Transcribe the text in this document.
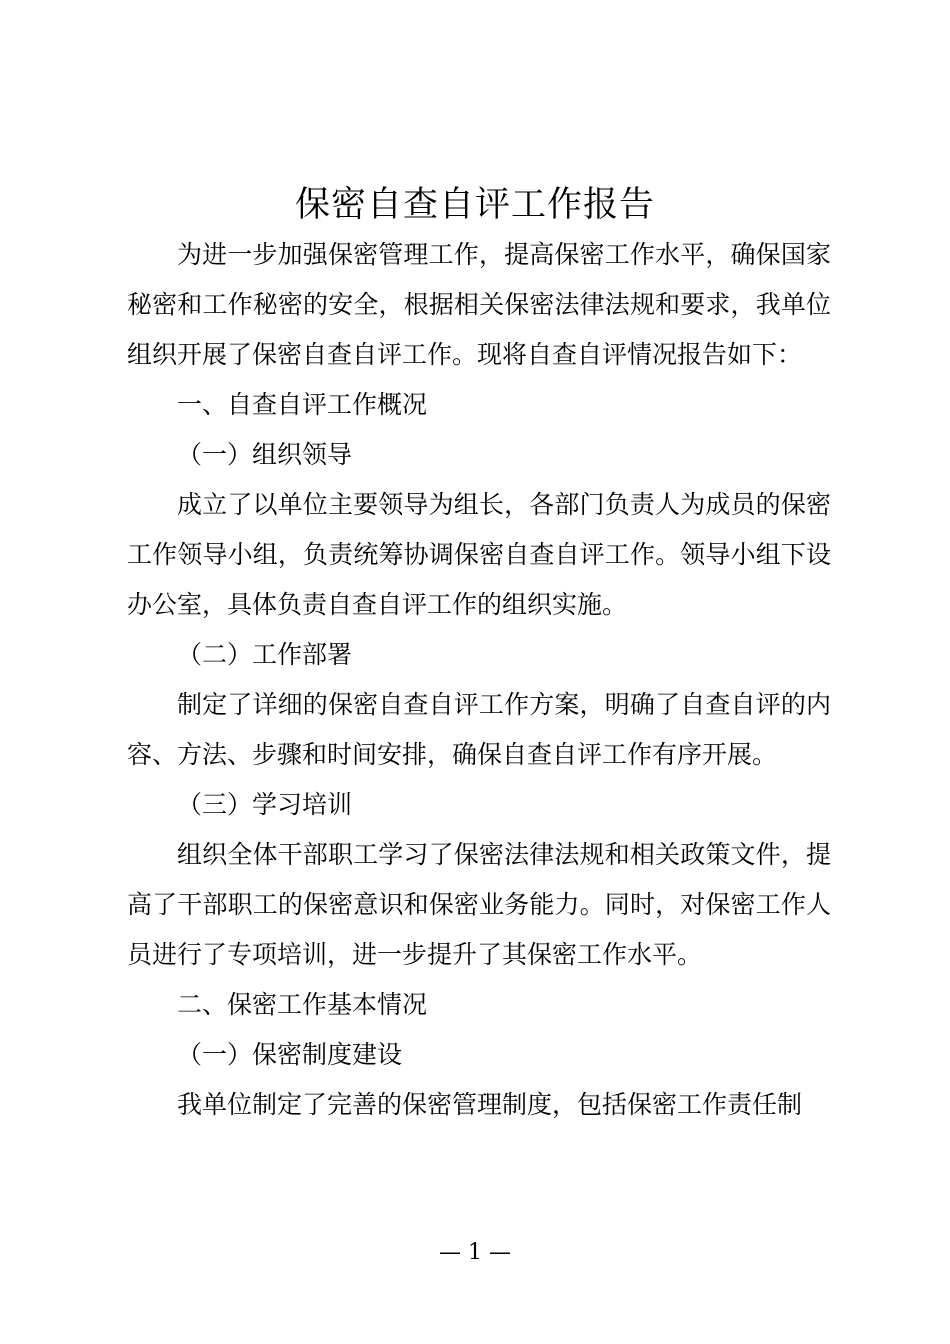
保密自查自评工作报告

为进一步加强保密管理工作，提高保密工作水平，确保国家秘密和工作秘密的安全，根据相关保密法律法规和要求，我单位组织开展了保密自查自评工作。现将自查自评情况报告如下：

一、自查自评工作概况

（一）组织领导

成立了以单位主要领导为组长，各部门负责人为成员的保密工作领导小组，负责统筹协调保密自查自评工作。领导小组下设办公室，具体负责自查自评工作的组织实施。

（二）工作部署

制定了详细的保密自查自评工作方案，明确了自查自评的内容、方法、步骤和时间安排，确保自查自评工作有序开展。

（三）学习培训

组织全体干部职工学习了保密法律法规和相关政策文件，提高了干部职工的保密意识和保密业务能力。同时，对保密工作人员进行了专项培训，进一步提升了其保密工作水平。

二、保密工作基本情况

（一）保密制度建设

我单位制定了完善的保密管理制度，包括保密工作责任制

— 1 —
